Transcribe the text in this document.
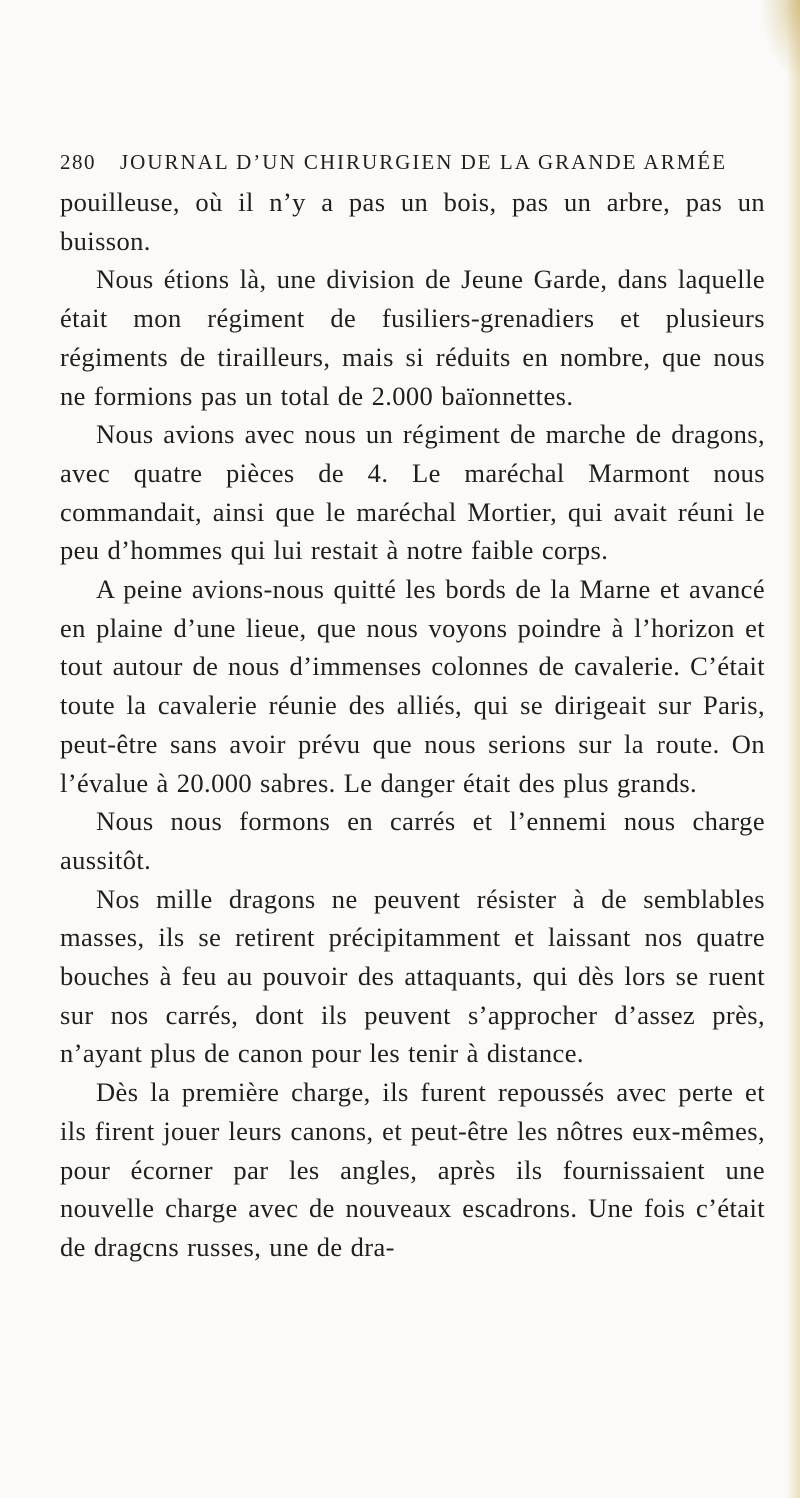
280 JOURNAL D’UN CHIRURGIEN DE LA GRANDE ARMÉE

pouilleuse, où il n’y a pas un bois, pas un arbre, pas un buisson.

Nous étions là, une division de Jeune Garde, dans laquelle était mon régiment de fusiliers-grenadiers et plusieurs régiments de tirailleurs, mais si réduits en nombre, que nous ne formions pas un total de 2.000 baïonnettes.

Nous avions avec nous un régiment de marche de dragons, avec quatre pièces de 4. Le maréchal Marmont nous commandait, ainsi que le maréchal Mortier, qui avait réuni le peu d’hommes qui lui restait à notre faible corps.

A peine avions-nous quitté les bords de la Marne et avancé en plaine d’une lieue, que nous voyons poindre à l’horizon et tout autour de nous d’immenses colonnes de cavalerie. C’était toute la cavalerie réunie des alliés, qui se dirigeait sur Paris, peut-être sans avoir prévu que nous serions sur la route. On l’évalue à 20.000 sabres. Le danger était des plus grands.

Nous nous formons en carrés et l’ennemi nous charge aussitôt.

Nos mille dragons ne peuvent résister à de semblables masses, ils se retirent précipitamment et laissant nos quatre bouches à feu au pouvoir des attaquants, qui dès lors se ruent sur nos carrés, dont ils peuvent s’approcher d’assez près, n’ayant plus de canon pour les tenir à distance.

Dès la première charge, ils furent repoussés avec perte et ils firent jouer leurs canons, et peut-être les nôtres eux-mêmes, pour écorner par les angles, après ils fournissaient une nouvelle charge avec de nouveaux escadrons. Une fois c’était de dragcns russes, une de dra-
